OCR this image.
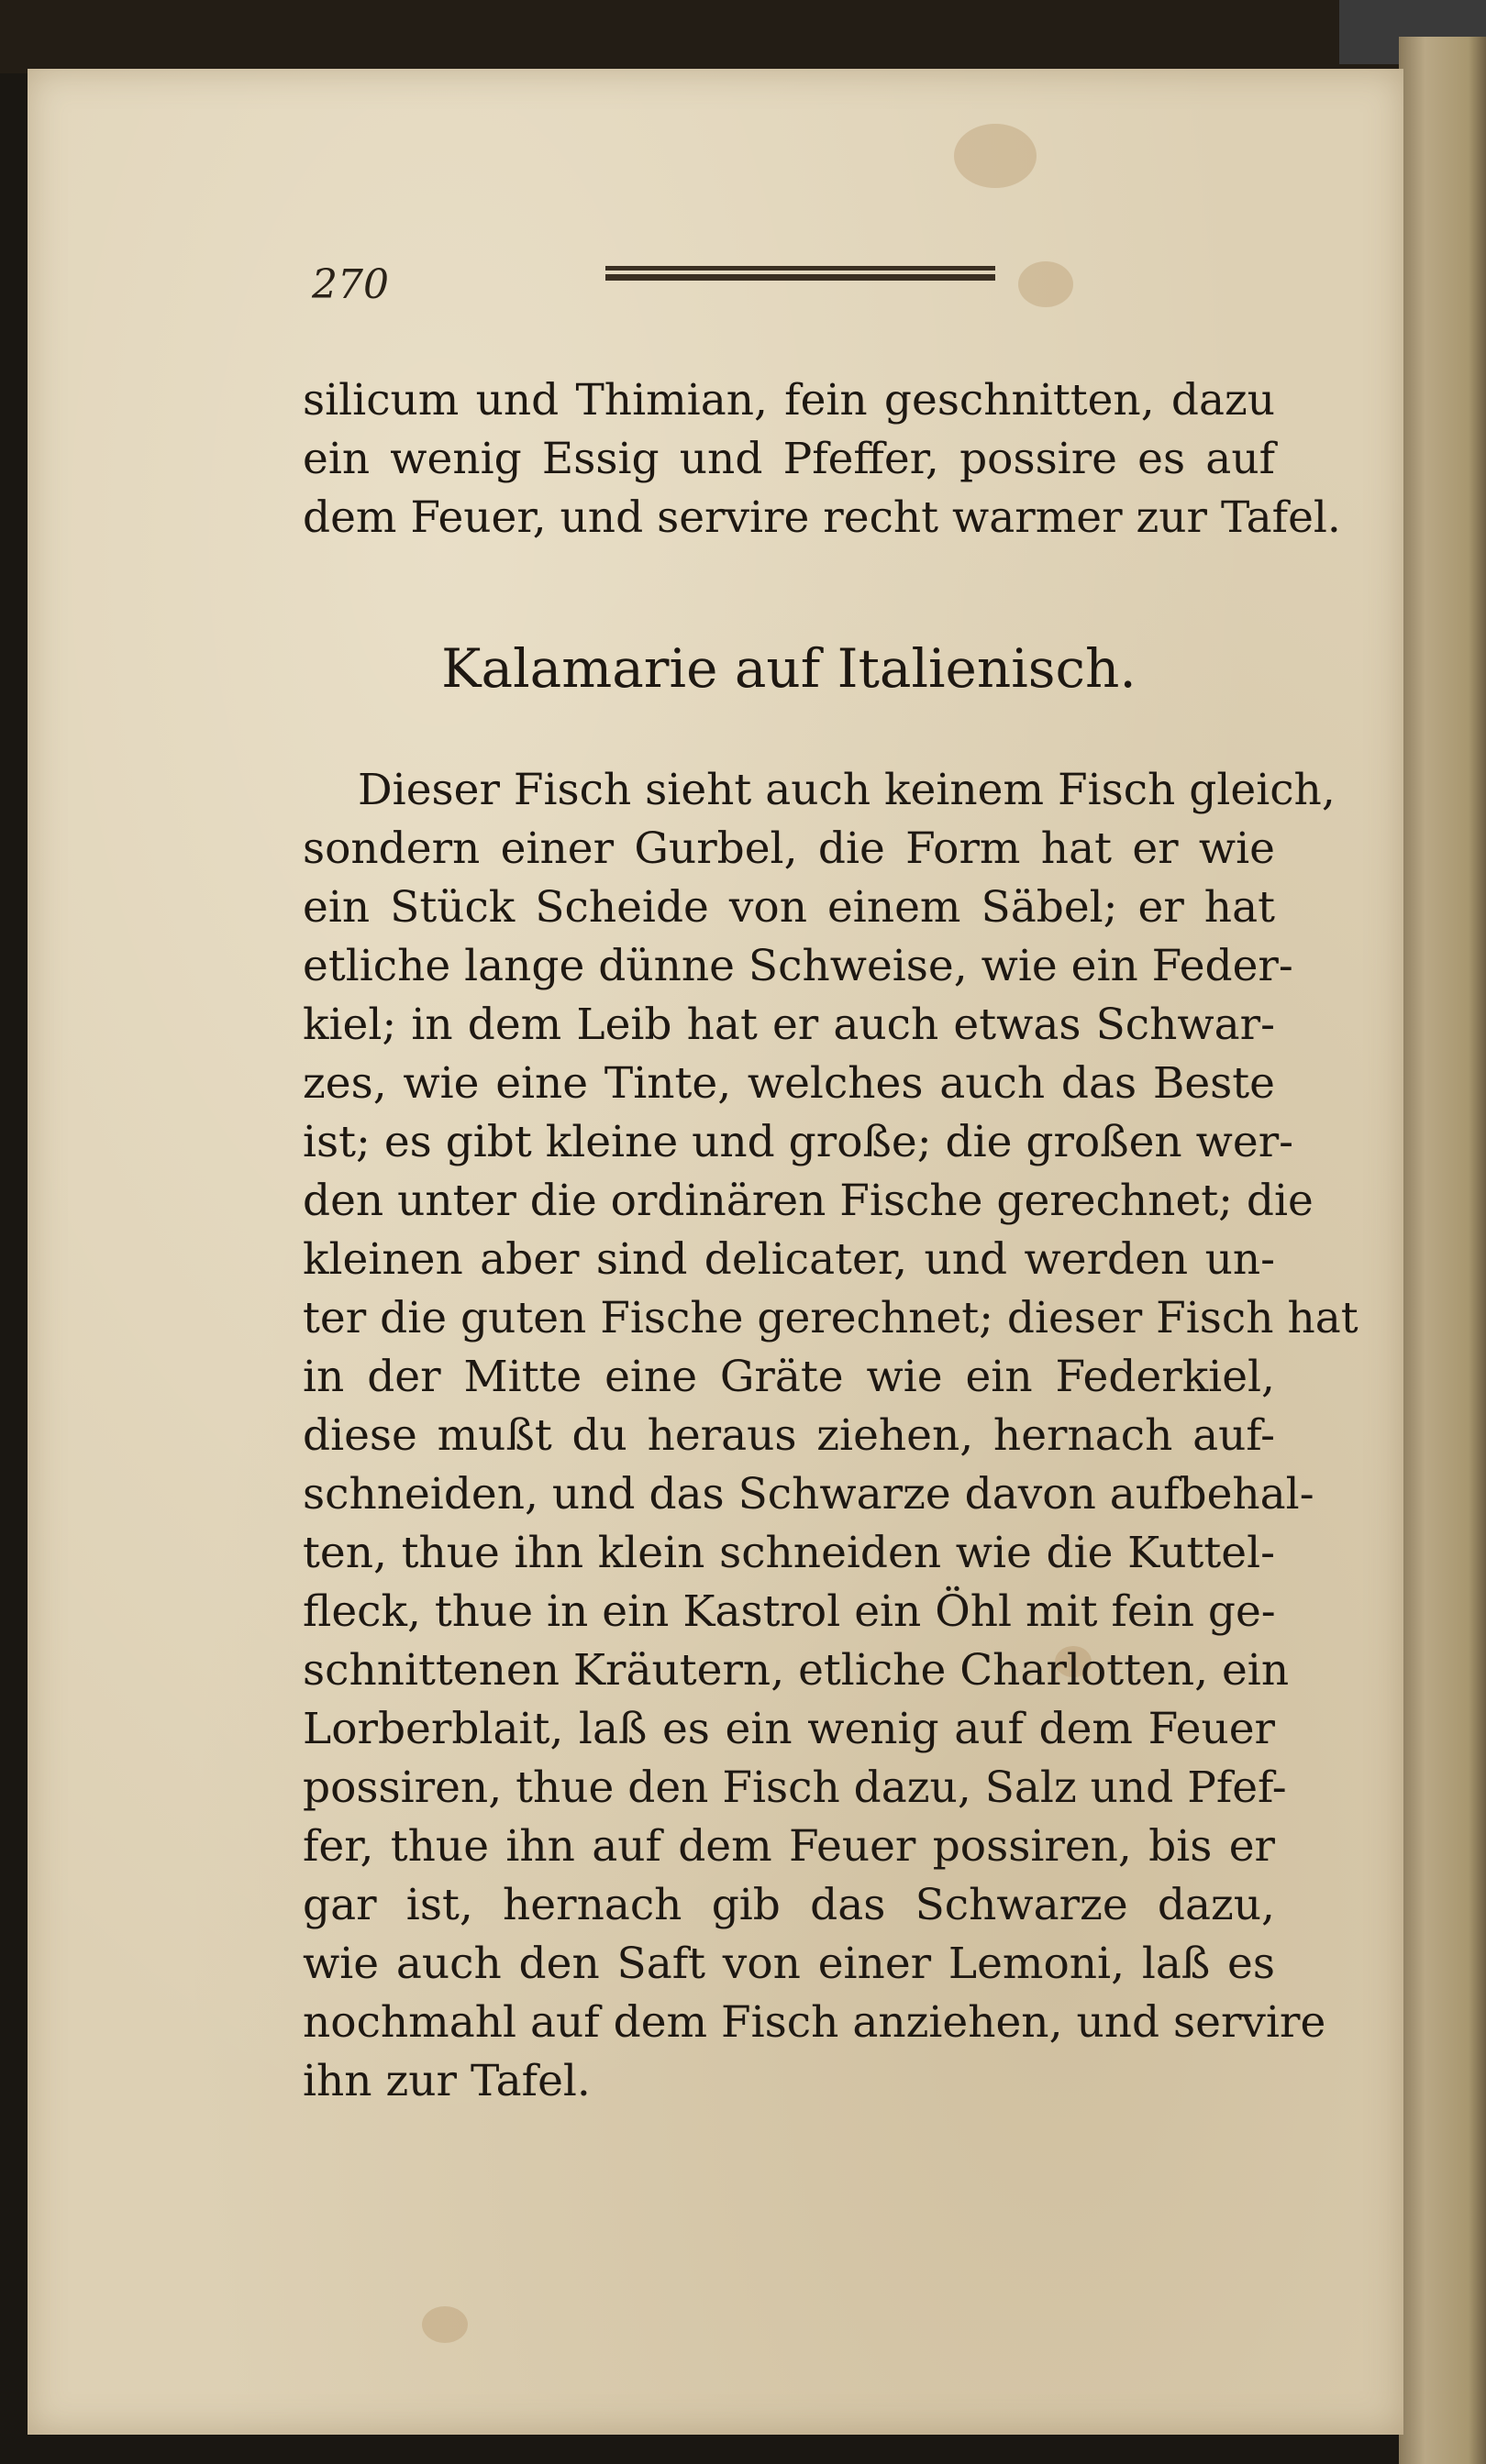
270
silicum und Thimian, fein geschnitten, dazu
ein wenig Essig und Pfeffer, possire es auf
dem Feuer, und servire recht warmer zur Tafel.
Kalamarie auf Italienisch.
Dieser Fisch sieht auch keinem Fisch gleich,
sondern einer Gurbel, die Form hat er wie
ein Stück Scheide von einem Säbel; er hat
etliche lange dünne Schweise, wie ein Feder-
kiel; in dem Leib hat er auch etwas Schwar-
zes, wie eine Tinte, welches auch das Beste
ist; es gibt kleine und große; die großen wer-
den unter die ordinären Fische gerechnet; die
kleinen aber sind delicater, und werden un-
ter die guten Fische gerechnet; dieser Fisch hat
in der Mitte eine Gräte wie ein Federkiel,
diese mußt du heraus ziehen, hernach auf-
schneiden, und das Schwarze davon aufbehal-
ten, thue ihn klein schneiden wie die Kuttel-
fleck, thue in ein Kastrol ein Öhl mit fein ge-
schnittenen Kräutern, etliche Charlotten, ein
Lorberblait, laß es ein wenig auf dem Feuer
possiren, thue den Fisch dazu, Salz und Pfef-
fer, thue ihn auf dem Feuer possiren, bis er
gar ist, hernach gib das Schwarze dazu,
wie auch den Saft von einer Lemoni, laß es
nochmahl auf dem Fisch anziehen, und servire
ihn zur Tafel.
